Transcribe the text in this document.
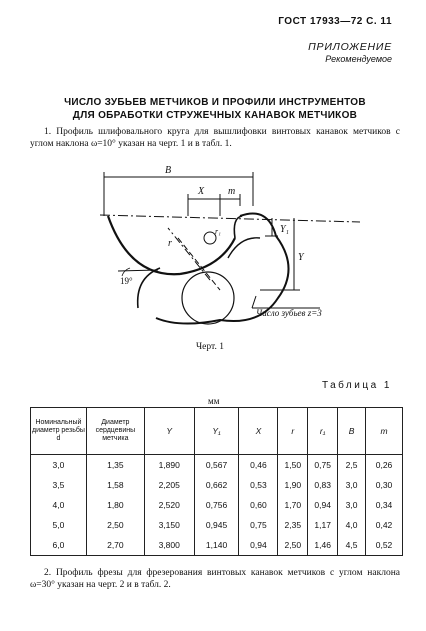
ГОСТ 17933—72 С. 11
ПРИЛОЖЕНИЕ
Рекомендуемое
ЧИСЛО ЗУБЬЕВ МЕТЧИКОВ И ПРОФИЛИ ИНСТРУМЕНТОВ
ДЛЯ ОБРАБОТКИ СТРУЖЕЧНЫХ КАНАВОК МЕТЧИКОВ
1. Профиль шлифовального круга для вышлифовки винтовых канавок метчиков с углом наклона ω=10° указан на черт. 1 и в табл. 1.
B
X m
r
r₁	Y₁
Y
19°
Число зубьев z=3
Черт. 1
Таблица 1
мм
Номинальный диаметр резьбы d	Диаметр сердцевины метчика	Y	Y₁	X	r	r₁	B	m
3,0	1,35	1,890	0,567	0,46	1,50	0,75	2,5	0,26
3,5	1,58	2,205	0,662	0,53	1,90	0,83	3,0	0,30
4,0	1,80	2,520	0,756	0,60	1,70	0,94	3,0	0,34
5,0	2,50	3,150	0,945	0,75	2,35	1,17	4,0	0,42
6,0	2,70	3,800	1,140	0,94	2,50	1,46	4,5	0,52
2. Профиль фрезы для фрезерования винтовых канавок метчиков с углом наклона ω=30° указан на черт. 2 и в табл. 2.
